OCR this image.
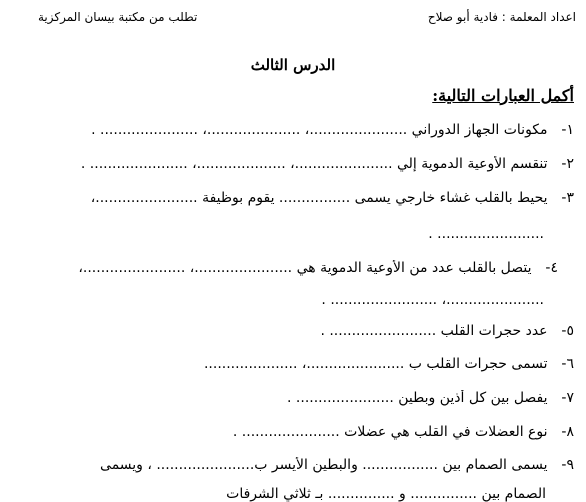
اعداد المعلمة : فادية أبو صلاح
تطلب من مكتبة بيسان المركزية
الدرس الثالث
أكمل العبارات التالية:
١- مكونات الجهاز الدوراني ......................، .....................، ...................... .
٢- تنقسم الأوعية الدموية إلي ......................، ....................، ...................... .
٣- يحيط بالقلب غشاء خارجي يسمى ................ يقوم بوظيفة .......................،
........................ .
٤- يتصل بالقلب عدد من الأوعية الدموية هي ......................، .......................،
......................، ........................ .
٥- عدد حجرات القلب ........................ .
٦- تسمى حجرات القلب ب ......................، .....................
٧- يفصل بين كل أذين وبطين ...................... .
٨- نوع العضلات في القلب هي عضلات ...................... .
٩- يسمى الصمام بين ................. والبطين الأيسر ب...................... ، ويسمى
الصمام بين ............... و ............... بـ ثلاثي الشرفات
